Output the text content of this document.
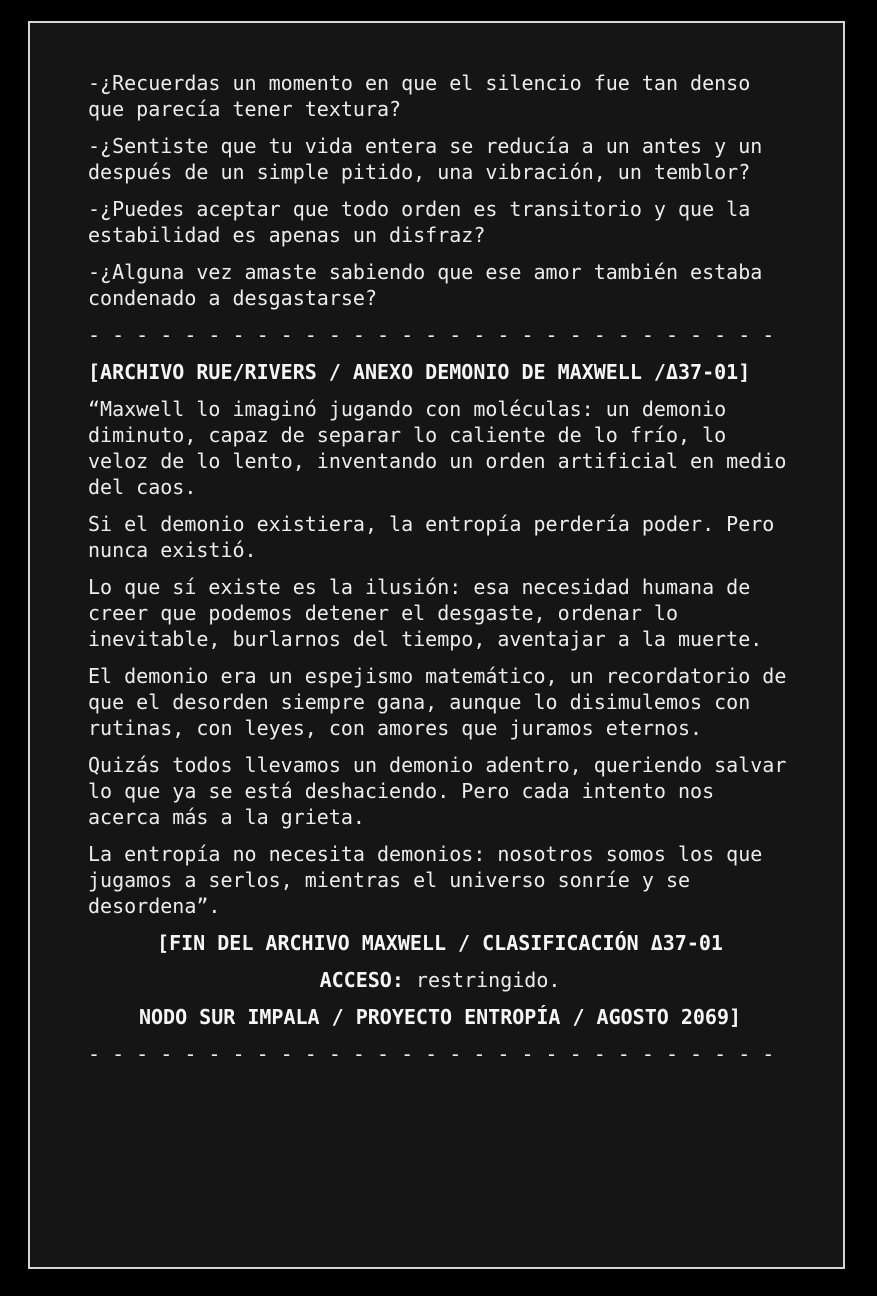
-¿Recuerdas un momento en que el silencio fue tan denso que parecía tener textura?

-¿Sentiste que tu vida entera se reducía a un antes y un después de un simple pitido, una vibración, un temblor?

-¿Puedes aceptar que todo orden es transitorio y que la estabilidad es apenas un disfraz?

-¿Alguna vez amaste sabiendo que ese amor también estaba condenado a desgastarse?

- - - - - - - - - - - - - - - - - - - - - - - - - - - - -

[ARCHIVO RUE/RIVERS / ANEXO DEMONIO DE MAXWELL /Δ37-01]

“Maxwell lo imaginó jugando con moléculas: un demonio diminuto, capaz de separar lo caliente de lo frío, lo veloz de lo lento, inventando un orden artificial en medio del caos.

Si el demonio existiera, la entropía perdería poder. Pero nunca existió.

Lo que sí existe es la ilusión: esa necesidad humana de creer que podemos detener el desgaste, ordenar lo inevitable, burlarnos del tiempo, aventajar a la muerte.

El demonio era un espejismo matemático, un recordatorio de que el desorden siempre gana, aunque lo disimulemos con rutinas, con leyes, con amores que juramos eternos.

Quizás todos llevamos un demonio adentro, queriendo salvar lo que ya se está deshaciendo. Pero cada intento nos acerca más a la grieta.

La entropía no necesita demonios: nosotros somos los que jugamos a serlos, mientras el universo sonríe y se desordena”.

[FIN DEL ARCHIVO MAXWELL / CLASIFICACIÓN Δ37-01

ACCESO: restringido.

NODO SUR IMPALA / PROYECTO ENTROPÍA / AGOSTO 2069]

- - - - - - - - - - - - - - - - - - - - - - - - - - - - -
